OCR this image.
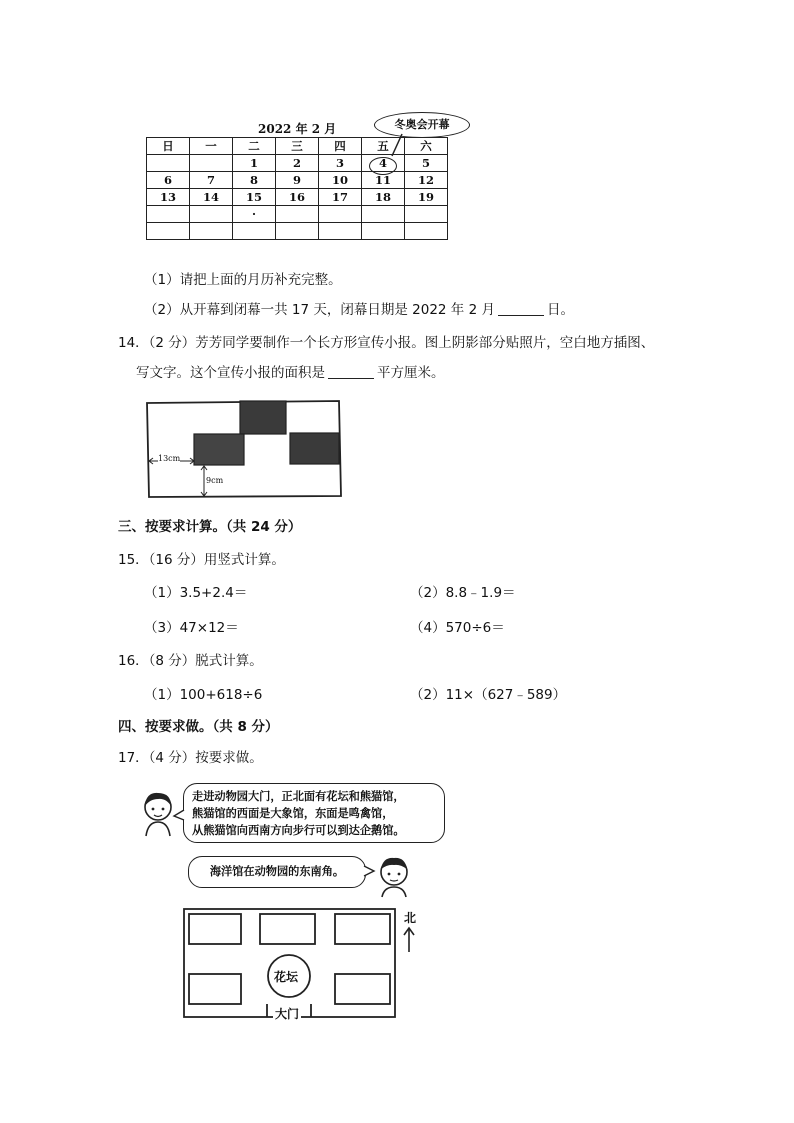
2022 年 2 月	冬奥会开幕
日	一	二	三	四	五	六
		1	2	3	4	5
6	7	8	9	10	11	12
13	14	15	16	17	18	19
		·				

（1）请把上面的月历补充完整。
（2）从开幕到闭幕一共 17 天，闭幕日期是 2022 年 2 月	日。
14．（2 分）芳芳同学要制作一个长方形宣传小报。图上阴影部分贴照片，空白地方插图、
写文字。这个宣传小报的面积是	平方厘米。
13cm
9cm
三、按要求计算。（共 24 分）
15．（16 分）用竖式计算。
（1）3.5+2.4＝	（2）8.8﹣1.9＝
（3）47×12＝	（4）570÷6＝
16．（8 分）脱式计算。
（1）100+618÷6	（2）11×（627﹣589）
四、按要求做。（共 8 分）
17．（4 分）按要求做。
走进动物园大门，正北面有花坛和熊猫馆，
熊猫馆的西面是大象馆，东面是鸣禽馆，
从熊猫馆向西南方向步行可以到达企鹅馆。
海洋馆在动物园的东南角。
花坛
大门
北
